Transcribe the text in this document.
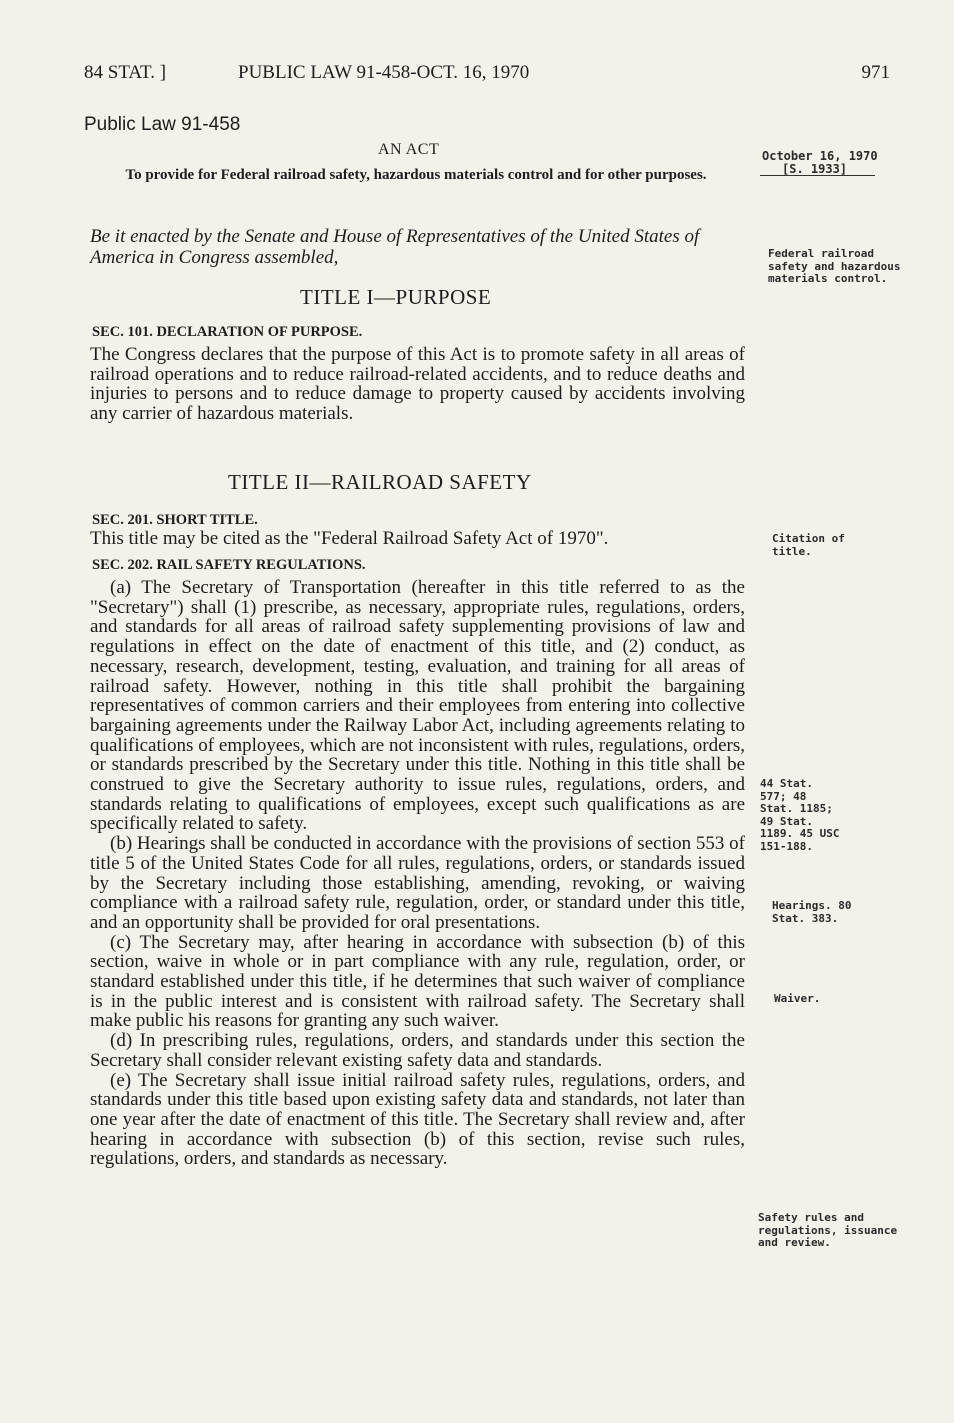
84 STAT. ]	PUBLIC LAW 91-458-OCT. 16, 1970	971
Public Law 91-458
AN ACT
To provide for Federal railroad safety, hazardous materials control and for other purposes.
Be it enacted by the Senate and House of Representatives of the United States of America in Congress assembled,
TITLE I—PURPOSE
SEC. 101. DECLARATION OF PURPOSE.
The Congress declares that the purpose of this Act is to promote safety in all areas of railroad operations and to reduce railroad-related accidents, and to reduce deaths and injuries to persons and to reduce damage to property caused by accidents involving any carrier of hazardous materials.
TITLE II—RAILROAD SAFETY
SEC. 201. SHORT TITLE.
This title may be cited as the "Federal Railroad Safety Act of 1970".
SEC. 202. RAIL SAFETY REGULATIONS.

(a) The Secretary of Transportation (hereafter in this title referred to as the "Secretary") shall (1) prescribe, as necessary, appropriate rules, regulations, orders, and standards for all areas of railroad safety supplementing provisions of law and regulations in effect on the date of enactment of this title, and (2) conduct, as necessary, research, development, testing, evaluation, and training for all areas of railroad safety. However, nothing in this title shall prohibit the bargaining representatives of common carriers and their employees from entering into collective bargaining agreements under the Railway Labor Act, including agreements relating to qualifications of employees, which are not inconsistent with rules, regulations, orders, or standards prescribed by the Secretary under this title. Nothing in this title shall be construed to give the Secretary authority to issue rules, regulations, orders, and standards relating to qualifications of employees, except such qualifications as are specifically related to safety.

(b) Hearings shall be conducted in accordance with the provisions of section 553 of title 5 of the United States Code for all rules, regulations, orders, or standards issued by the Secretary including those establishing, amending, revoking, or waiving compliance with a railroad safety rule, regulation, order, or standard under this title, and an opportunity shall be provided for oral presentations.

(c) The Secretary may, after hearing in accordance with subsection (b) of this section, waive in whole or in part compliance with any rule, regulation, order, or standard established under this title, if he determines that such waiver of compliance is in the public interest and is consistent with railroad safety. The Secretary shall make public his reasons for granting any such waiver.

(d) In prescribing rules, regulations, orders, and standards under this section the Secretary shall consider relevant existing safety data and standards.

(e) The Secretary shall issue initial railroad safety rules, regulations, orders, and standards under this title based upon existing safety data and standards, not later than one year after the date of enactment of this title. The Secretary shall review and, after hearing in accordance with subsection (b) of this section, revise such rules, regulations, orders, and standards as necessary.

October 16, 1970
[S. 1933]
Federal railroad safety and hazardous materials control.
Citation of title.
44 Stat. 577; 48 Stat. 1185; 49 Stat. 1189. 45 USC 151-188.
Hearings. 80 Stat. 383.
Waiver.
Safety rules and regulations, issuance and review.
